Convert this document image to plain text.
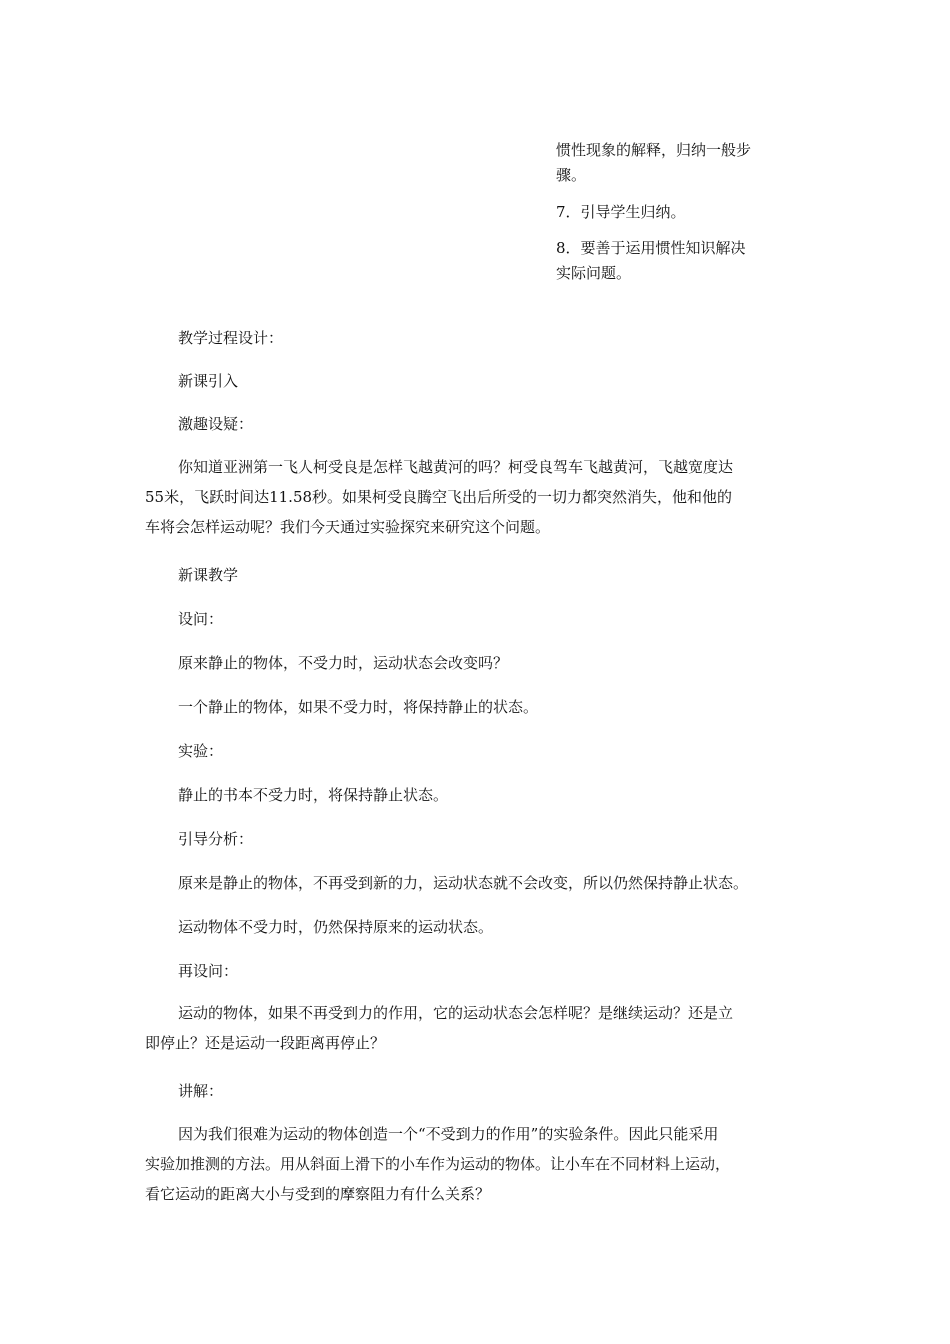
惯性现象的解释，归纳一般步

骤。

7．引导学生归纳。

8．要善于运用惯性知识解决

实际问题。

教学过程设计：
新课引入
激趣设疑：
你知道亚洲第一飞人柯受良是怎样飞越黄河的吗？柯受良驾车飞越黄河，飞越宽度达
55米，飞跃时间达11.58秒。如果柯受良腾空飞出后所受的一切力都突然消失，他和他的
车将会怎样运动呢？我们今天通过实验探究来研究这个问题。
新课教学
设问：
原来静止的物体，不受力时，运动状态会改变吗？
一个静止的物体，如果不受力时，将保持静止的状态。
实验：
静止的书本不受力时，将保持静止状态。
引导分析：
原来是静止的物体，不再受到新的力，运动状态就不会改变，所以仍然保持静止状态。
运动物体不受力时，仍然保持原来的运动状态。
再设问：
运动的物体，如果不再受到力的作用，它的运动状态会怎样呢？是继续运动？还是立
即停止？还是运动一段距离再停止？
讲解：
因为我们很难为运动的物体创造一个“不受到力的作用”的实验条件。因此只能采用
实验加推测的方法。用从斜面上滑下的小车作为运动的物体。让小车在不同材料上运动，
看它运动的距离大小与受到的摩察阻力有什么关系？
